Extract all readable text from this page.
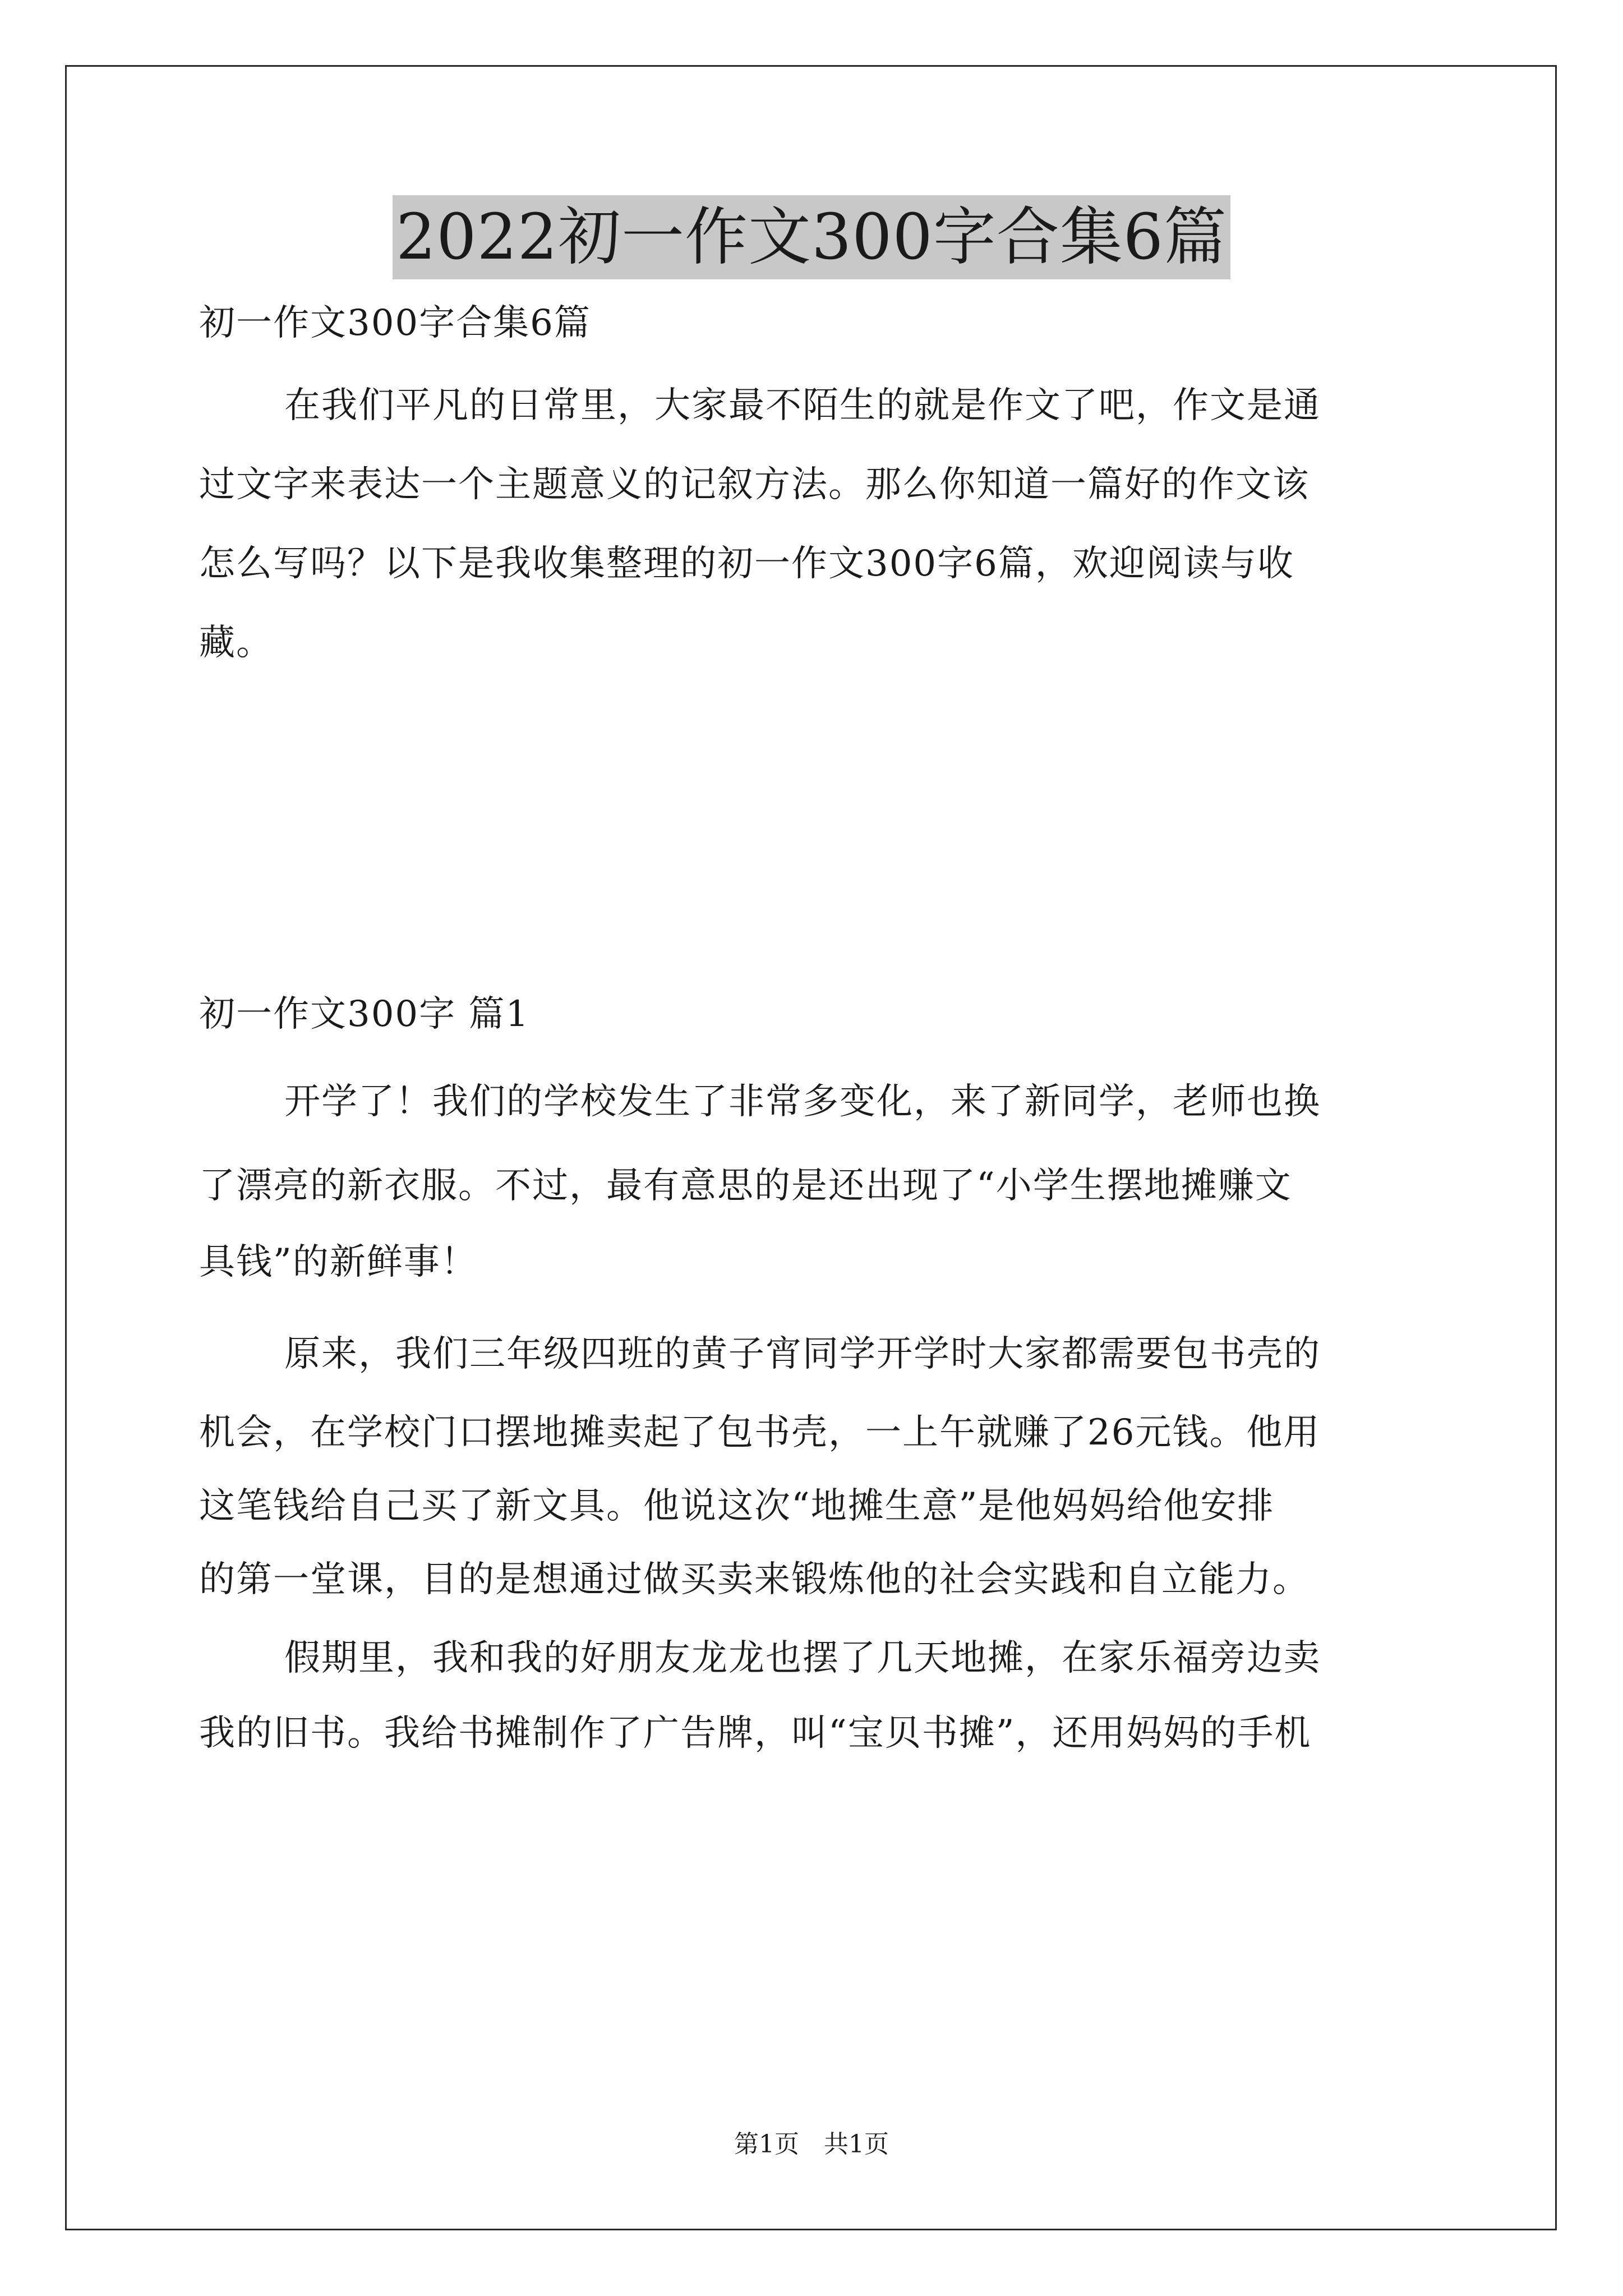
2022初一作文300字合集6篇

初一作文300字合集6篇

在我们平凡的日常里，大家最不陌生的就是作文了吧，作文是通

过文字来表达一个主题意义的记叙方法。那么你知道一篇好的作文该

怎么写吗？以下是我收集整理的初一作文300字6篇，欢迎阅读与收

藏。

初一作文300字 篇1

开学了！我们的学校发生了非常多变化，来了新同学，老师也换

了漂亮的新衣服。不过，最有意思的是还出现了“小学生摆地摊赚文

具钱”的新鲜事！

原来，我们三年级四班的黄子宵同学开学时大家都需要包书壳的

机会，在学校门口摆地摊卖起了包书壳，一上午就赚了26元钱。他用

这笔钱给自己买了新文具。他说这次“地摊生意”是他妈妈给他安排

的第一堂课，目的是想通过做买卖来锻炼他的社会实践和自立能力。

假期里，我和我的好朋友龙龙也摆了几天地摊，在家乐福旁边卖

我的旧书。我给书摊制作了广告牌，叫“宝贝书摊”，还用妈妈的手机

第1页　共1页
